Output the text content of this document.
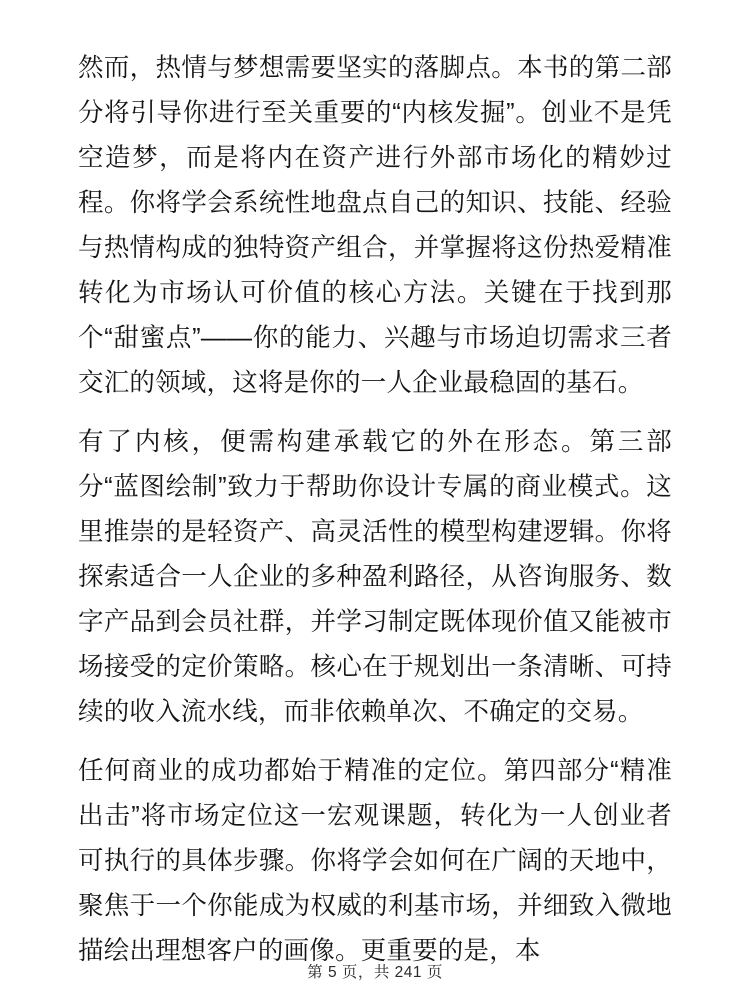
然而，热情与梦想需要坚实的落脚点。本书的第二部分将引导你进行至关重要的“内核发掘”。创业不是凭空造梦，而是将内在资产进行外部市场化的精妙过程。你将学会系统性地盘点自己的知识、技能、经验与热情构成的独特资产组合，并掌握将这份热爱精准转化为市场认可价值的核心方法。关键在于找到那个“甜蜜点”——你的能力、兴趣与市场迫切需求三者交汇的领域，这将是你的一人企业最稳固的基石。

有了内核，便需构建承载它的外在形态。第三部分“蓝图绘制”致力于帮助你设计专属的商业模式。这里推崇的是轻资产、高灵活性的模型构建逻辑。你将探索适合一人企业的多种盈利路径，从咨询服务、数字产品到会员社群，并学习制定既体现价值又能被市场接受的定价策略。核心在于规划出一条清晰、可持续的收入流水线，而非依赖单次、不确定的交易。

任何商业的成功都始于精准的定位。第四部分“精准出击”将市场定位这一宏观课题，转化为一人创业者可执行的具体步骤。你将学会如何在广阔的天地中，聚焦于一个你能成为权威的利基市场，并细致入微地描绘出理想客户的画像。更重要的是，本

第 5 页，共 241 页
